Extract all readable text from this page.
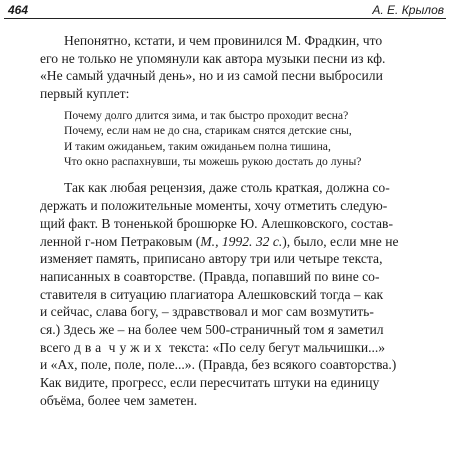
464	А. Е. Крылов
Непонятно, кстати, и чем провинился М. Фрадкин, что
его не только не упомянули как автора музыки песни из кф.
«Не самый удачный день», но и из самой песни выбросили
первый куплет:
Почему долго длится зима, и так быстро проходит весна?
Почему, если нам не до сна, старикам снятся детские сны,
И таким ожиданьем, таким ожиданьем полна тишина,
Что окно распахнувши, ты можешь рукою достать до луны?
Так как любая рецензия, даже столь краткая, должна со-
держать и положительные моменты, хочу отметить следую-
щий факт. В тоненькой брошюрке Ю. Алешковского, состав-
ленной г-ном Петраковым (М., 1992. 32 с.), было, если мне не
изменяет память, приписано автору три или четыре текста,
написанных в соавторстве. (Правда, попавший по вине со-
ставителя в ситуацию плагиатора Алешковский тогда – как
и сейчас, слава богу, – здравствовал и мог сам возмутить-
ся.) Здесь же – на более чем 500-страничный том я заметил
всего два чужих текста: «По селу бегут мальчишки...»
и «Ах, поле, поле, поле...». (Правда, без всякого соавторства.)
Как видите, прогресс, если пересчитать штуки на единицу
объёма, более чем заметен.
